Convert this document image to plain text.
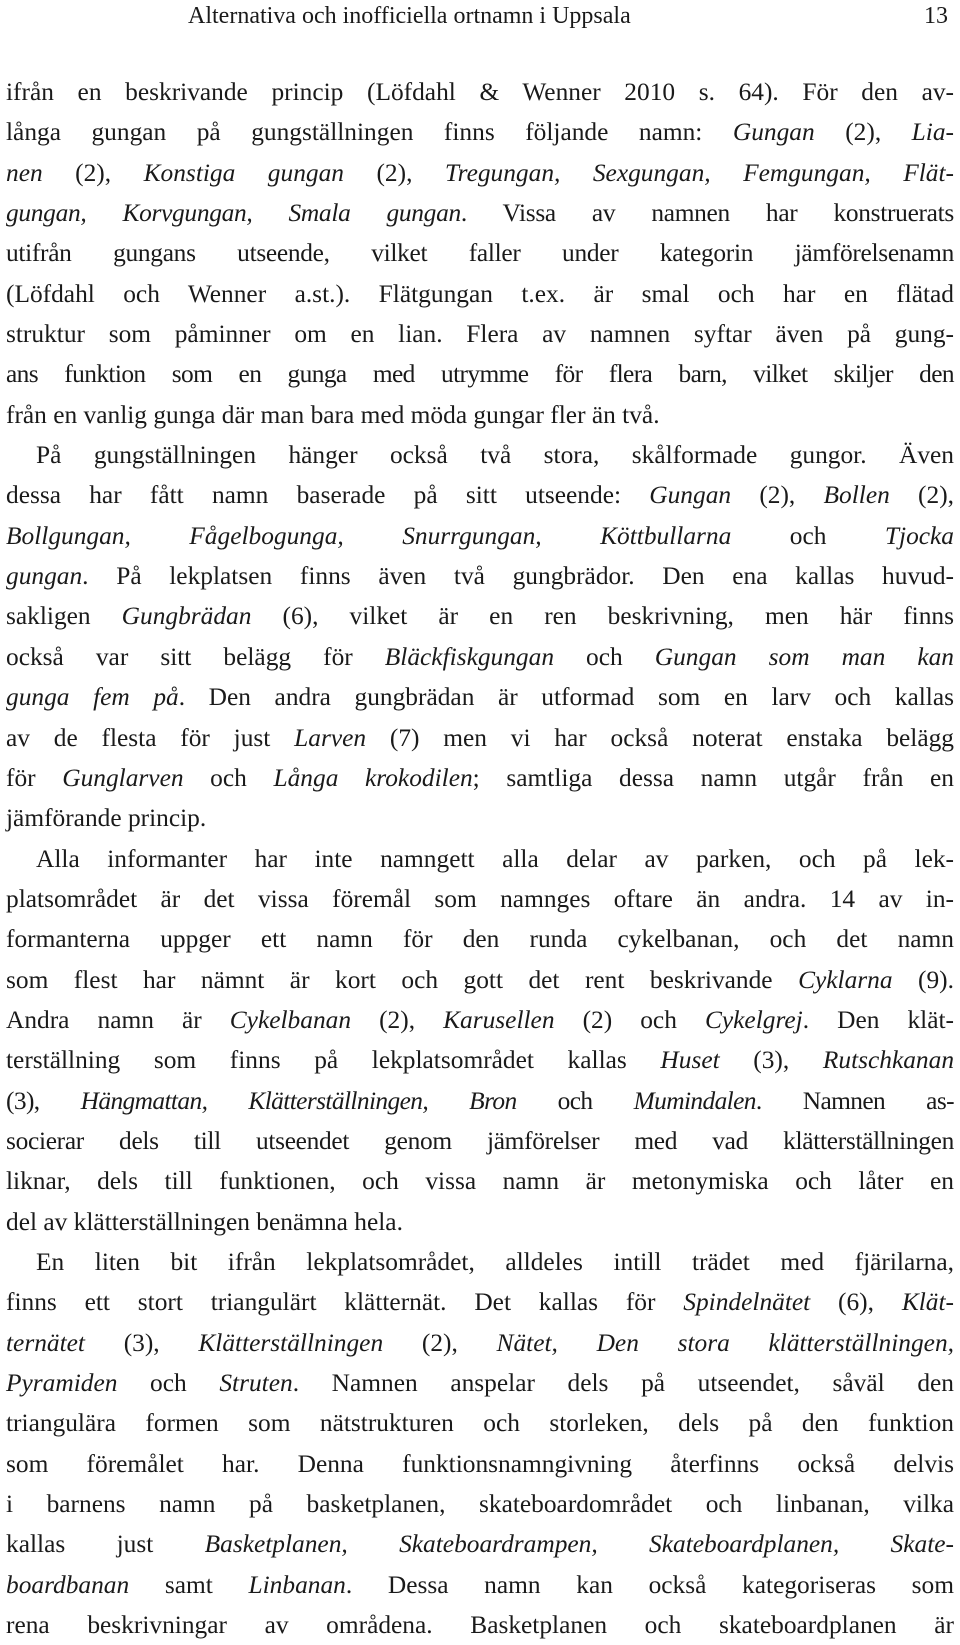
Alternativa och inofficiella ortnamn i Uppsala	13
ifrån en beskrivande princip (Löfdahl & Wenner 2010 s. 64). För den av-
långa gungan på gungställningen finns följande namn: Gungan (2), Lia-
nen (2), Konstiga gungan (2), Tregungan, Sexgungan, Femgungan, Flät-
gungan, Korvgungan, Smala gungan. Vissa av namnen har konstruerats
utifrån gungans utseende, vilket faller under kategorin jämförelsenamn
(Löfdahl och Wenner a.st.). Flätgungan t.ex. är smal och har en flätad
struktur som påminner om en lian. Flera av namnen syftar även på gung-
ans funktion som en gunga med utrymme för flera barn, vilket skiljer den
från en vanlig gunga där man bara med möda gungar fler än två.
På gungställningen hänger också två stora, skålformade gungor. Även
dessa har fått namn baserade på sitt utseende: Gungan (2), Bollen (2),
Bollgungan, Fågelbogunga, Snurrgungan, Köttbullarna och Tjocka
gungan. På lekplatsen finns även två gungbrädor. Den ena kallas huvud-
sakligen Gungbrädan (6), vilket är en ren beskrivning, men här finns
också var sitt belägg för Bläckfiskgungan och Gungan som man kan
gunga fem på. Den andra gungbrädan är utformad som en larv och kallas
av de flesta för just Larven (7) men vi har också noterat enstaka belägg
för Gunglarven och Långa krokodilen; samtliga dessa namn utgår från en
jämförande princip.
Alla informanter har inte namngett alla delar av parken, och på lek-
platsområdet är det vissa föremål som namnges oftare än andra. 14 av in-
formanterna uppger ett namn för den runda cykelbanan, och det namn
som flest har nämnt är kort och gott det rent beskrivande Cyklarna (9).
Andra namn är Cykelbanan (2), Karusellen (2) och Cykelgrej. Den klät-
terställning som finns på lekplatsområdet kallas Huset (3), Rutschkanan
(3), Hängmattan, Klätterställningen, Bron och Mumindalen. Namnen as-
socierar dels till utseendet genom jämförelser med vad klätterställningen
liknar, dels till funktionen, och vissa namn är metonymiska och låter en
del av klätterställningen benämna hela.
En liten bit ifrån lekplatsområdet, alldeles intill trädet med fjärilarna,
finns ett stort triangulärt klätternät. Det kallas för Spindelnätet (6), Klät-
ternätet (3), Klätterställningen (2), Nätet, Den stora klätterställningen,
Pyramiden och Struten. Namnen anspelar dels på utseendet, såväl den
triangulära formen som nätstrukturen och storleken, dels på den funktion
som föremålet har. Denna funktionsnamngivning återfinns också delvis
i barnens namn på basketplanen, skateboardområdet och linbanan, vilka
kallas just Basketplanen, Skateboardrampen, Skateboardplanen, Skate-
boardbanan samt Linbanan. Dessa namn kan också kategoriseras som
rena beskrivningar av områdena. Basketplanen och skateboardplanen är
